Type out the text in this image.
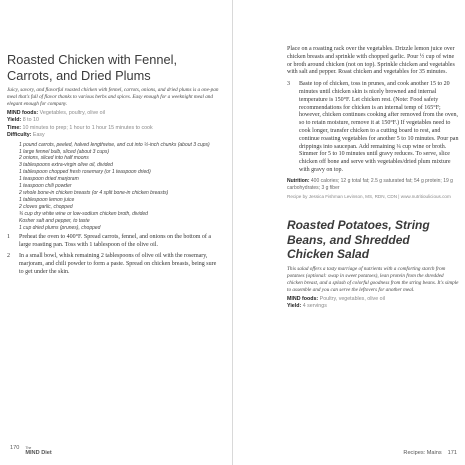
Roasted Chicken with Fennel, Carrots, and Dried Plums

Juicy, savory, and flavorful roasted chicken with fennel, carrots, onions, and dried plums is a one-pan meal that's full of flavor thanks to various herbs and spices. Easy enough for a weeknight meal and elegant enough for company.

MIND foods: Vegetables, poultry, olive oil

Yield: 8 to 10

Time: 10 minutes to prep; 1 hour to 1 hour 15 minutes to cook

Difficulty: Easy

1 pound carrots, peeled, halved lengthwise, and cut into ½-inch chunks (about 3 cups)
1 large fennel bulb, sliced (about 3 cups)
2 onions, sliced into half moons
3 tablespoons extra-virgin olive oil, divided
1 tablespoon chopped fresh rosemary (or 1 teaspoon dried)
1 teaspoon dried marjoram
1 teaspoon chili powder
2 whole bone-in chicken breasts (or 4 split bone-in chicken breasts)
1 tablespoon lemon juice
2 cloves garlic, chopped
¾ cup dry white wine or low-sodium chicken broth, divided
Kosher salt and pepper, to taste
1 cup dried plums (prunes), chopped
1 Preheat the oven to 400°F. Spread carrots, fennel, and onions on the bottom of a large roasting pan. Toss with 1 tablespoon of the olive oil.
2 In a small bowl, whisk remaining 2 tablespoons of olive oil with the rosemary, marjoram, and chili powder to form a paste. Spread on chicken breasts, being sure to get under the skin.
170 The
MIND Diet

Place on a roasting rack over the vegetables. Drizzle lemon juice over chicken breasts and sprinkle with chopped garlic. Pour ½ cup of wine or broth around chicken (not on top). Sprinkle chicken and vegetables with salt and pepper. Roast chicken and vegetables for 35 minutes.

3 Baste top of chicken, toss in prunes, and cook another 15 to 20 minutes until chicken skin is nicely browned and internal temperature is 150°F. Let chicken rest. (Note: Food safety recommendations for chicken is an internal temp of 165°F; however, chicken continues cooking after removed from the oven, so to retain moisture, remove it at 150°F.) If vegetables need to cook longer, transfer chicken to a cutting board to rest, and continue roasting vegetables for another 5 to 10 minutes. Pour pan drippings into saucepan. Add remaining ¼ cup wine or broth. Simmer for 5 to 10 minutes until gravy reduces. To serve, slice chicken off bone and serve with vegetables/dried plum mixture with gravy on top.

Nutrition: 400 calories; 12 g total fat; 2.5 g saturated fat; 54 g protein; 19 g carbohydrates; 3 g fiber

Recipe by Jessica Fishman Levinson, MS, RDN, CDN | www.nutritioulicious.com

Roasted Potatoes, String Beans, and Shredded Chicken Salad

This salad offers a tasty marriage of nutrients with a comforting starch from potatoes (optional: swap in sweet potatoes), lean protein from the shredded chicken breast, and a splash of colorful goodness from the string beans. It's simple to assemble and you can serve the leftovers for another meal.

MIND foods: Poultry, vegetables, olive oil

Yield: 4 servings

Recipes: Mains 171
